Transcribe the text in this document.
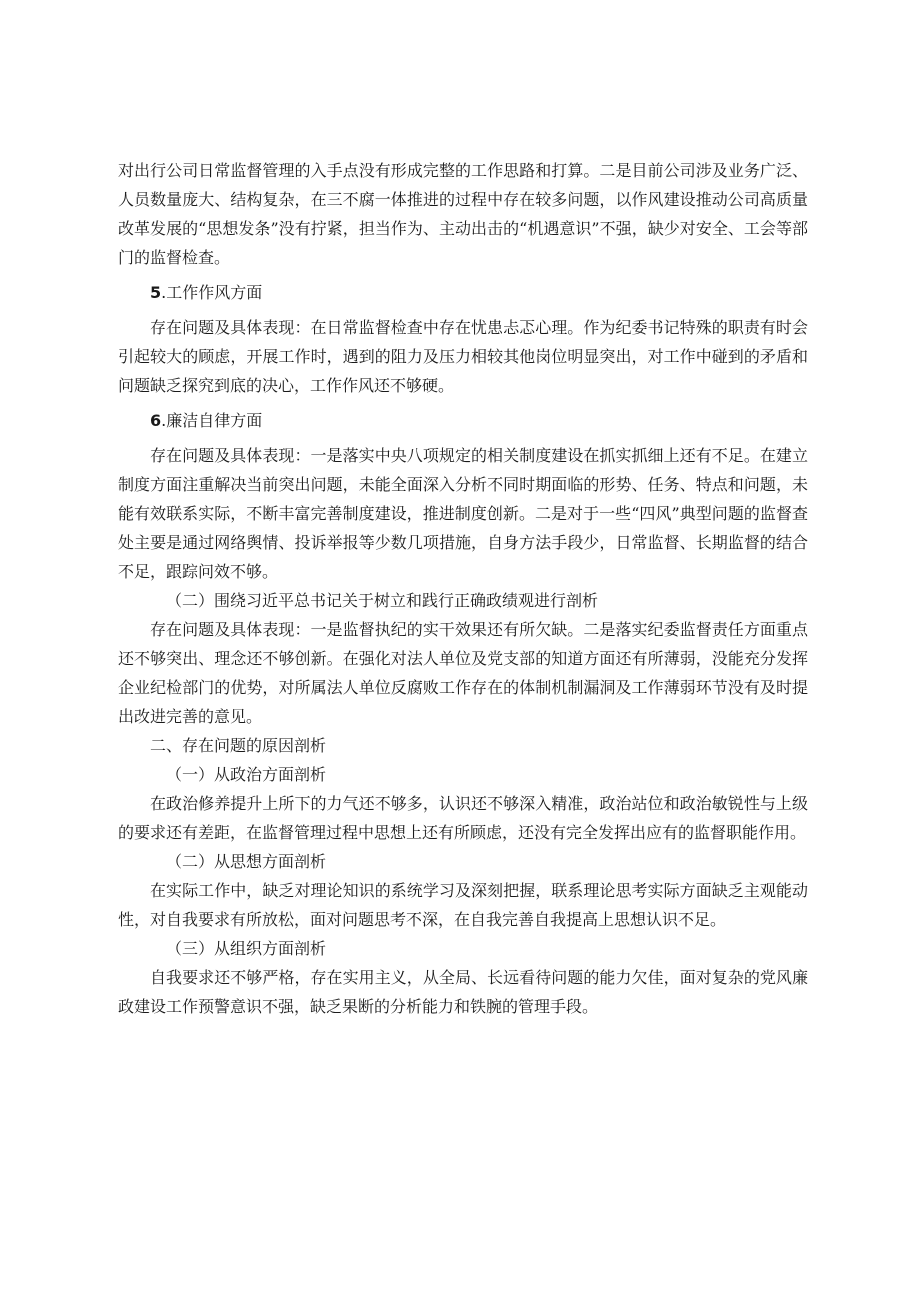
对出行公司日常监督管理的入手点没有形成完整的工作思路和打算。二是目前公司涉及业务广泛、人员数量庞大、结构复杂，在三不腐一体推进的过程中存在较多问题，以作风建设推动公司高质量改革发展的“思想发条”没有拧紧，担当作为、主动出击的“机遇意识”不强，缺少对安全、工会等部门的监督检查。

5.工作作风方面

存在问题及具体表现：在日常监督检查中存在忧患忐忑心理。作为纪委书记特殊的职责有时会引起较大的顾虑，开展工作时，遇到的阻力及压力相较其他岗位明显突出，对工作中碰到的矛盾和问题缺乏探究到底的决心，工作作风还不够硬。

6.廉洁自律方面

存在问题及具体表现：一是落实中央八项规定的相关制度建设在抓实抓细上还有不足。在建立制度方面注重解决当前突出问题，未能全面深入分析不同时期面临的形势、任务、特点和问题，未能有效联系实际，不断丰富完善制度建设，推进制度创新。二是对于一些“四风”典型问题的监督查处主要是通过网络舆情、投诉举报等少数几项措施，自身方法手段少，日常监督、长期监督的结合不足，跟踪问效不够。

（二）围绕习近平总书记关于树立和践行正确政绩观进行剖析

存在问题及具体表现：一是监督执纪的实干效果还有所欠缺。二是落实纪委监督责任方面重点还不够突出、理念还不够创新。在强化对法人单位及党支部的知道方面还有所薄弱，没能充分发挥企业纪检部门的优势，对所属法人单位反腐败工作存在的体制机制漏洞及工作薄弱环节没有及时提出改进完善的意见。

二、存在问题的原因剖析

（一）从政治方面剖析

在政治修养提升上所下的力气还不够多，认识还不够深入精准，政治站位和政治敏锐性与上级的要求还有差距，在监督管理过程中思想上还有所顾虑，还没有完全发挥出应有的监督职能作用。

（二）从思想方面剖析

在实际工作中，缺乏对理论知识的系统学习及深刻把握，联系理论思考实际方面缺乏主观能动性，对自我要求有所放松，面对问题思考不深，在自我完善自我提高上思想认识不足。

（三）从组织方面剖析

自我要求还不够严格，存在实用主义，从全局、长远看待问题的能力欠佳，面对复杂的党风廉政建设工作预警意识不强，缺乏果断的分析能力和铁腕的管理手段。
